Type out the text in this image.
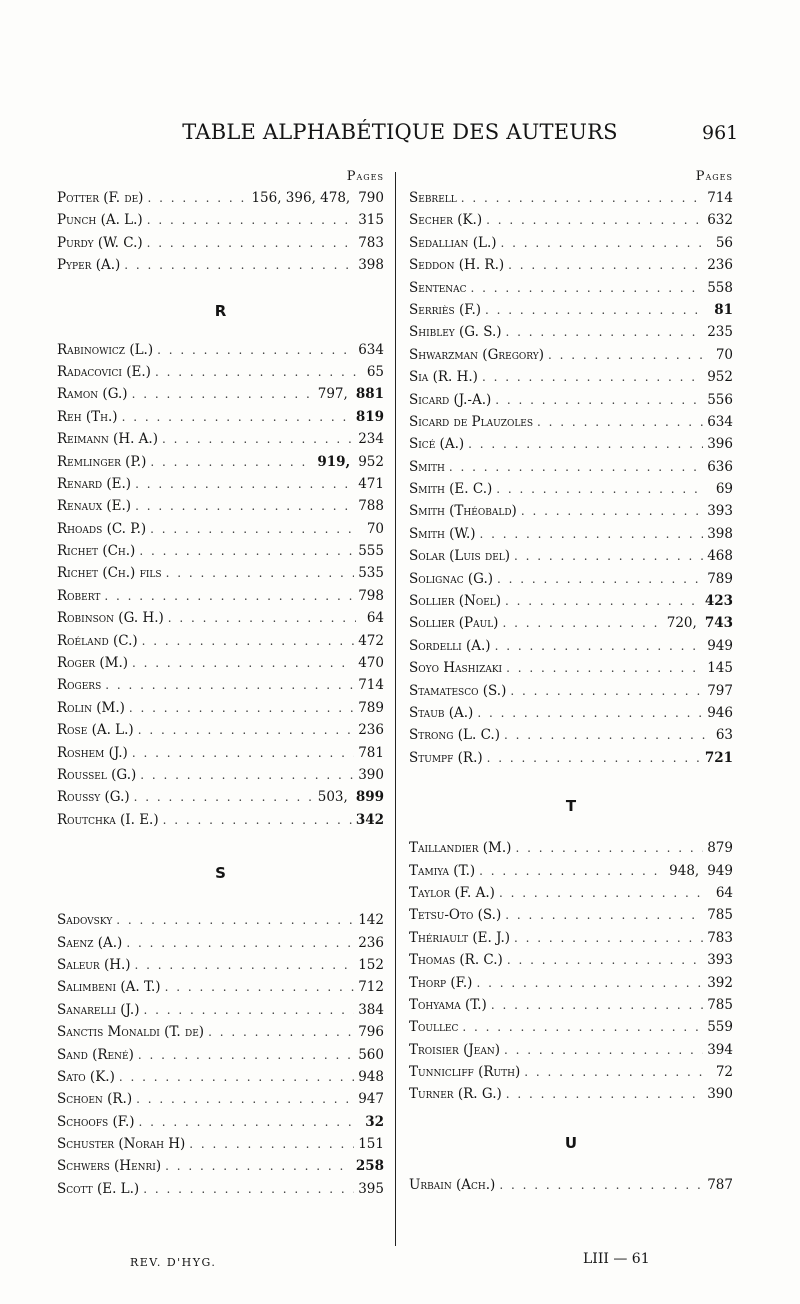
TABLE ALPHABÉTIQUE DES AUTEURS	961
Pages
Potter (F. de) . . .	156, 396, 478, 790
Punch (A. L.) . . .	315
Purdy (W. C.) . . .	783
Pyper (A.) . . .	398
R
Rabinowicz (L.) . . .	634
Radacovici (E.) . . .	65
Ramon (G.) . . .	797, 881
Reh (Th.) . . .	819
Reimann (H. A.) . . .	234
Remlinger (P.) . . .	919, 952
Renard (E.) . . .	471
Renaux (E.) . . .	788
Rhoads (C. P.) . . .	70
Richet (Ch.) . . .	555
Richet (Ch.) fils . . .	535
Robert . . .	798
Robinson (G. H.) . . .	64
Roéland (C.) . . .	472
Roger (M.) . . .	470
Rogers . . .	714
Rolin (M.) . . .	789
Rose (A. L.) . . .	236
Roshem (J.) . . .	781
Roussel (G.) . . .	390
Roussy (G.) . . .	503, 899
Routchka (I. E.) . . .	342
S
Sadovsky . . .	142
Saenz (A.) . . .	236
Saleur (H.) . . .	152
Salimbeni (A. T.) . . .	712
Sanarelli (J.) . . .	384
Sanctis Monaldi (T. de) . . .	796
Sand (René) . . .	560
Sato (K.) . . .	948
Schoen (R.) . . .	947
Schoofs (F.) . . .	32
Schuster (Norah H) . . .	151
Schwers (Henri) . . .	258
Scott (E. L.) . . .	395
Pages
Sebrell . . .	714
Secher (K.) . . .	632
Sedallian (L.) . . .	56
Seddon (H. R.) . . .	236
Sentenac . . .	558
Serriès (F.) . . .	81
Shibley (G. S.) . . .	235
Shwarzman (Gregory) . . .	70
Sia (R. H.) . . .	952
Sicard (J.-A.) . . .	556
Sicard de Plauzoles . . .	634
Sicé (A.) . . .	396
Smith . . .	636
Smith (E. C.) . . .	69
Smith (Théobald) . . .	393
Smith (W.) . . .	398
Solar (Luis del) . . .	468
Solignac (G.) . . .	789
Sollier (Noel) . . .	423
Sollier (Paul) . . .	720, 743
Sordelli (A.) . . .	949
Soyo Hashizaki . . .	145
Stamatesco (S.) . . .	797
Staub (A.) . . .	946
Strong (L. C.) . . .	63
Stumpf (R.) . . .	721
T
Taillandier (M.) . . .	879
Tamiya (T.) . . .	948, 949
Taylor (F. A.) . . .	64
Tetsu-Oto (S.) . . .	785
Thériault (E. J.) . . .	783
Thomas (R. C.) . . .	393
Thorp (F.) . . .	392
Tohyama (T.) . . .	785
Toullec . . .	559
Troisier (Jean) . . .	394
Tunnicliff (Ruth) . . .	72
Turner (R. G.) . . .	390
U
Urbain (Ach.) . . .	787
REV. D'HYG.	LIII — 61
